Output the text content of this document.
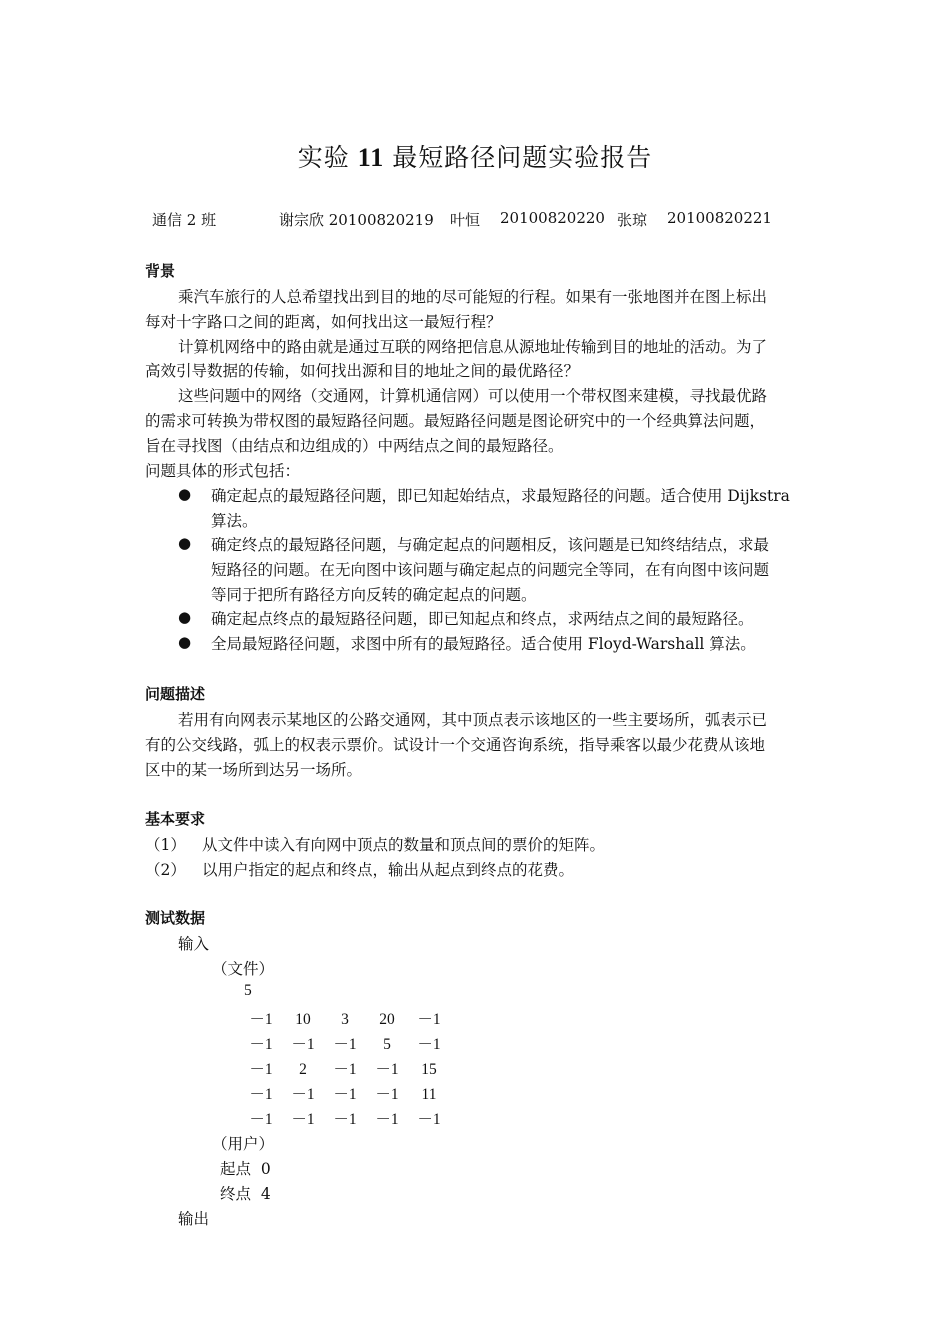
实验 11 最短路径问题实验报告
通信 2 班	谢宗欣 20100820219 叶恒 20100820220 张琼 20100820221
背景
乘汽车旅行的人总希望找出到目的地的尽可能短的行程。如果有一张地图并在图上标出
每对十字路口之间的距离，如何找出这一最短行程？
计算机网络中的路由就是通过互联的网络把信息从源地址传输到目的地址的活动。为了
高效引导数据的传输，如何找出源和目的地址之间的最优路径？
这些问题中的网络（交通网，计算机通信网）可以使用一个带权图来建模，寻找最优路
的需求可转换为带权图的最短路径问题。最短路径问题是图论研究中的一个经典算法问题，
旨在寻找图（由结点和边组成的）中两结点之间的最短路径。
问题具体的形式包括：
● 确定起点的最短路径问题，即已知起始结点，求最短路径的问题。适合使用 Dijkstra
算法。
● 确定终点的最短路径问题，与确定起点的问题相反，该问题是已知终结结点，求最
短路径的问题。在无向图中该问题与确定起点的问题完全等同，在有向图中该问题
等同于把所有路径方向反转的确定起点的问题。
● 确定起点终点的最短路径问题，即已知起点和终点，求两结点之间的最短路径。
● 全局最短路径问题，求图中所有的最短路径。适合使用 Floyd-Warshall 算法。
问题描述
若用有向网表示某地区的公路交通网，其中顶点表示该地区的一些主要场所，弧表示已
有的公交线路，弧上的权表示票价。试设计一个交通咨询系统，指导乘客以最少花费从该地
区中的某一场所到达另一场所。
基本要求
（1） 从文件中读入有向网中顶点的数量和顶点间的票价的矩阵。
（2） 以用户指定的起点和终点，输出从起点到终点的花费。
测试数据
输入
（文件）
5
－1 10 3 20 －1
－1 －1 －1 5 －1
－1 2 －1 －1 15
－1 －1 －1 －1 11
－1 －1 －1 －1 －1
（用户）
起点  0
终点  4
输出
